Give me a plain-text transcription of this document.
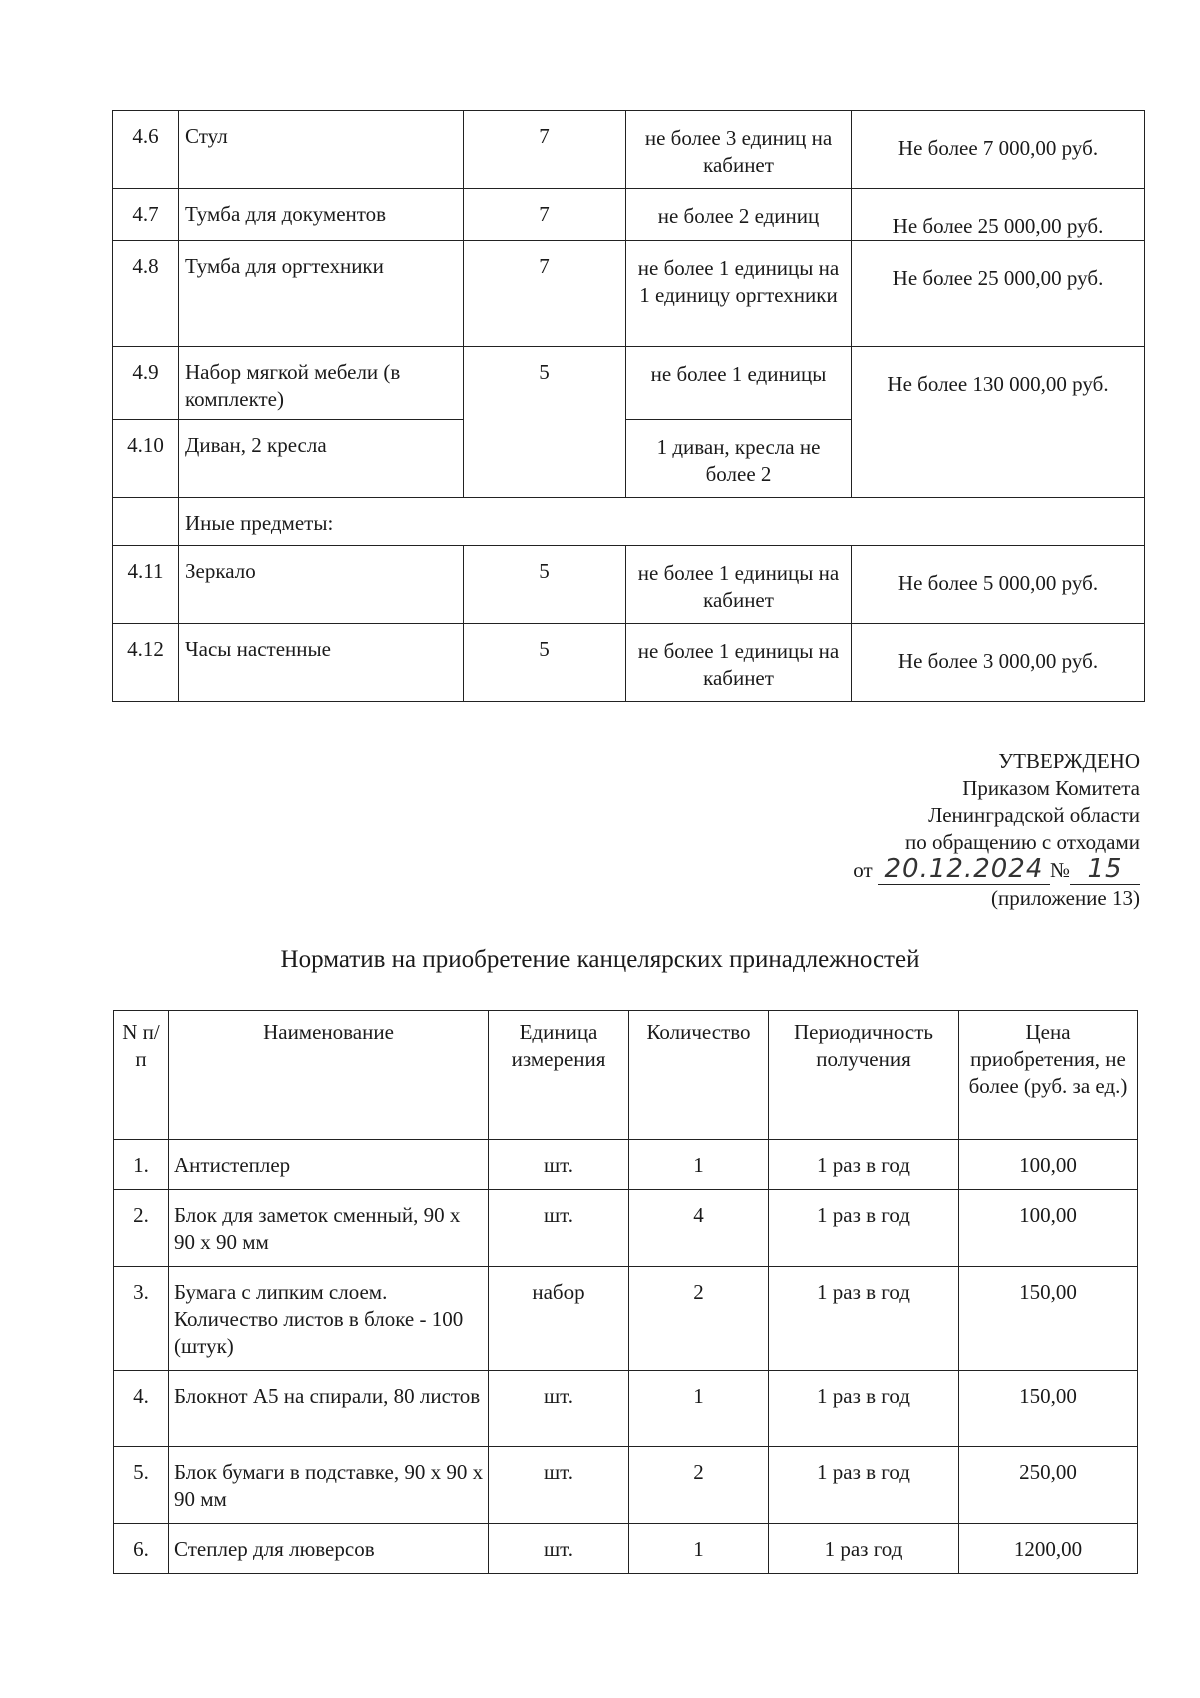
4.6	Стул	7	не более 3 единиц на кабинет	Не более 7 000,00 руб.
4.7	Тумба для документов	7	не более 2 единиц	Не более 25 000,00 руб.
4.8	Тумба для оргтехники	7	не более 1 единицы на 1 единицу оргтехники	Не более 25 000,00 руб.
4.9	Набор мягкой мебели (в комплекте)	5	не более 1 единицы	Не более 130 000,00 руб.
4.10	Диван, 2 кресла		1 диван, кресла не более 2	
	Иные предметы:			
4.11	Зеркало	5	не более 1 единицы на кабинет	Не более 5 000,00 руб.
4.12	Часы настенные	5	не более 1 единицы на кабинет	Не более 3 000,00 руб.
УТВЕРЖДЕНО
Приказом Комитета
Ленинградской области
по обращению с отходами
от 20.12.2024 № 15
(приложение 13)
Норматив на приобретение канцелярских принадлежностей
N п/п	Наименование	Единица измерения	Количество	Периодичность получения	Цена приобретения, не более (руб. за ед.)
1.	Антистеплер	шт.	1	1 раз в год	100,00
2.	Блок для заметок сменный, 90 х 90 х 90 мм	шт.	4	1 раз в год	100,00
3.	Бумага с липким слоем. Количество листов в блоке - 100 (штук)	набор	2	1 раз в год	150,00
4.	Блокнот А5 на спирали, 80 листов	шт.	1	1 раз в год	150,00
5.	Блок бумаги в подставке, 90 х 90 х 90 мм	шт.	2	1 раз в год	250,00
6.	Степлер для люверсов	шт.	1	1 раз год	1200,00
